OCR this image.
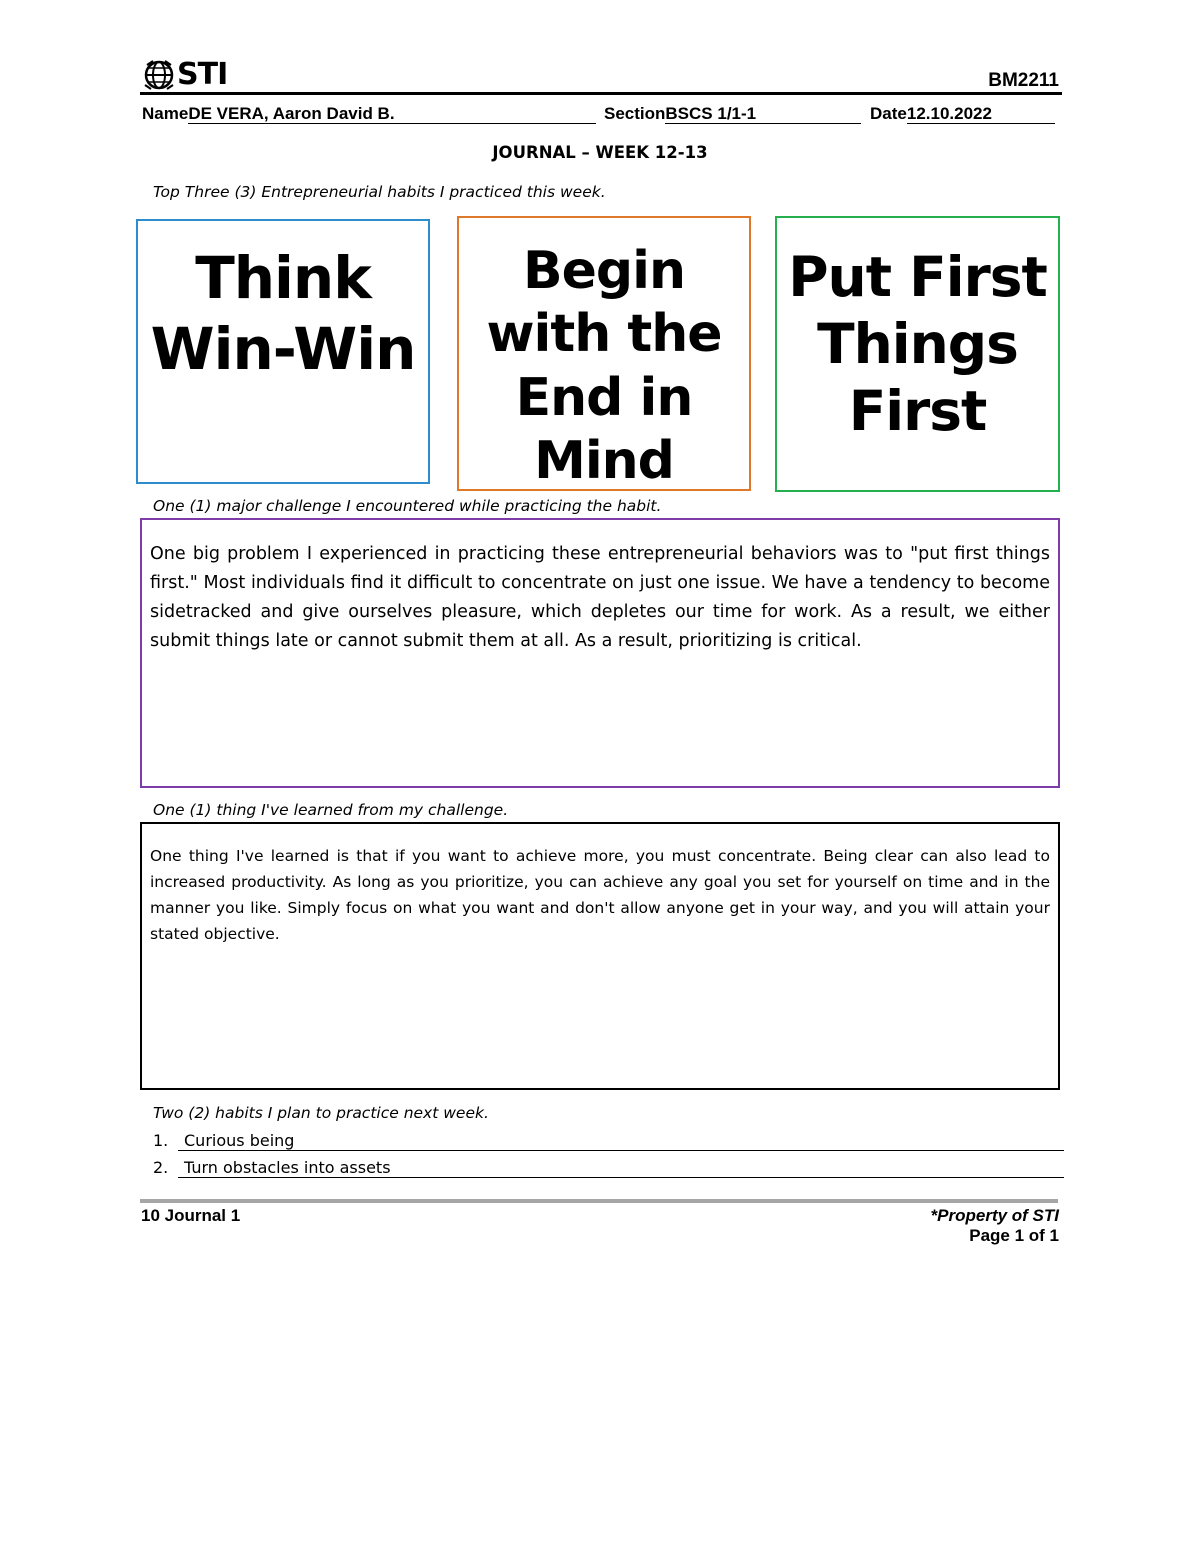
STI	BM2211
NameDE VERA, Aaron David B.	SectionBSCS 1/1-1	Date12.10.2022
JOURNAL – WEEK 12-13
Top Three (3) Entrepreneurial habits I practiced this week.
Think Win-Win
Begin with the End in Mind
Put First Things First
One (1) major challenge I encountered while practicing the habit.
One big problem I experienced in practicing these entrepreneurial behaviors was to "put first things first." Most individuals find it difficult to concentrate on just one issue. We have a tendency to become sidetracked and give ourselves pleasure, which depletes our time for work. As a result, we either submit things late or cannot submit them at all. As a result, prioritizing is critical.
One (1) thing I've learned from my challenge.
One thing I've learned is that if you want to achieve more, you must concentrate. Being clear can also lead to increased productivity. As long as you prioritize, you can achieve any goal you set for yourself on time and in the manner you like. Simply focus on what you want and don't allow anyone get in your way, and you will attain your stated objective.
Two (2) habits I plan to practice next week.
1. Curious being
2. Turn obstacles into assets
10 Journal 1	*Property of STI
Page 1 of 1
